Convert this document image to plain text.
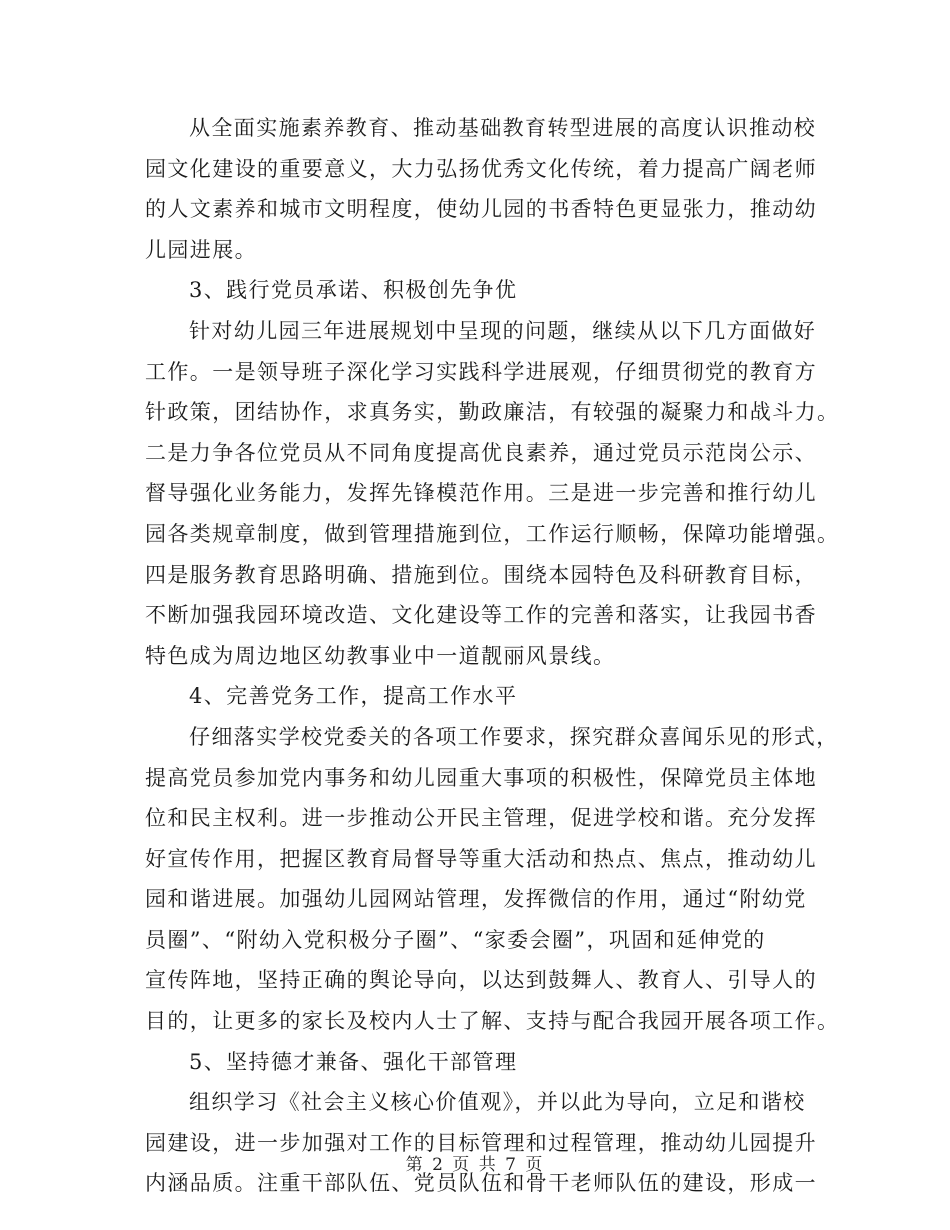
从全面实施素养教育、推动基础教育转型进展的高度认识推动校
园文化建设的重要意义，大力弘扬优秀文化传统，着力提高广阔老师
的人文素养和城市文明程度，使幼儿园的书香特色更显张力，推动幼
儿园进展。
3、践行党员承诺、积极创先争优
针对幼儿园三年进展规划中呈现的问题，继续从以下几方面做好
工作。一是领导班子深化学习实践科学进展观，仔细贯彻党的教育方
针政策，团结协作，求真务实，勤政廉洁，有较强的凝聚力和战斗力。
二是力争各位党员从不同角度提高优良素养，通过党员示范岗公示、
督导强化业务能力，发挥先锋模范作用。三是进一步完善和推行幼儿
园各类规章制度，做到管理措施到位，工作运行顺畅，保障功能增强。
四是服务教育思路明确、措施到位。围绕本园特色及科研教育目标，
不断加强我园环境改造、文化建设等工作的完善和落实，让我园书香
特色成为周边地区幼教事业中一道靓丽风景线。
4、完善党务工作，提高工作水平
仔细落实学校党委关的各项工作要求，探究群众喜闻乐见的形式，
提高党员参加党内事务和幼儿园重大事项的积极性，保障党员主体地
位和民主权利。进一步推动公开民主管理，促进学校和谐。充分发挥
好宣传作用，把握区教育局督导等重大活动和热点、焦点，推动幼儿
园和谐进展。加强幼儿园网站管理，发挥微信的作用，通过“附幼党
员圈”、“附幼入党积极分子圈”、“家委会圈”，巩固和延伸党的
宣传阵地，坚持正确的舆论导向，以达到鼓舞人、教育人、引导人的
目的，让更多的家长及校内人士了解、支持与配合我园开展各项工作。
5、坚持德才兼备、强化干部管理
组织学习《社会主义核心价值观》，并以此为导向，立足和谐校
园建设，进一步加强对工作的目标管理和过程管理，推动幼儿园提升
内涵品质。注重干部队伍、党员队伍和骨干老师队伍的建设，形成一
第 2 页 共 7 页
